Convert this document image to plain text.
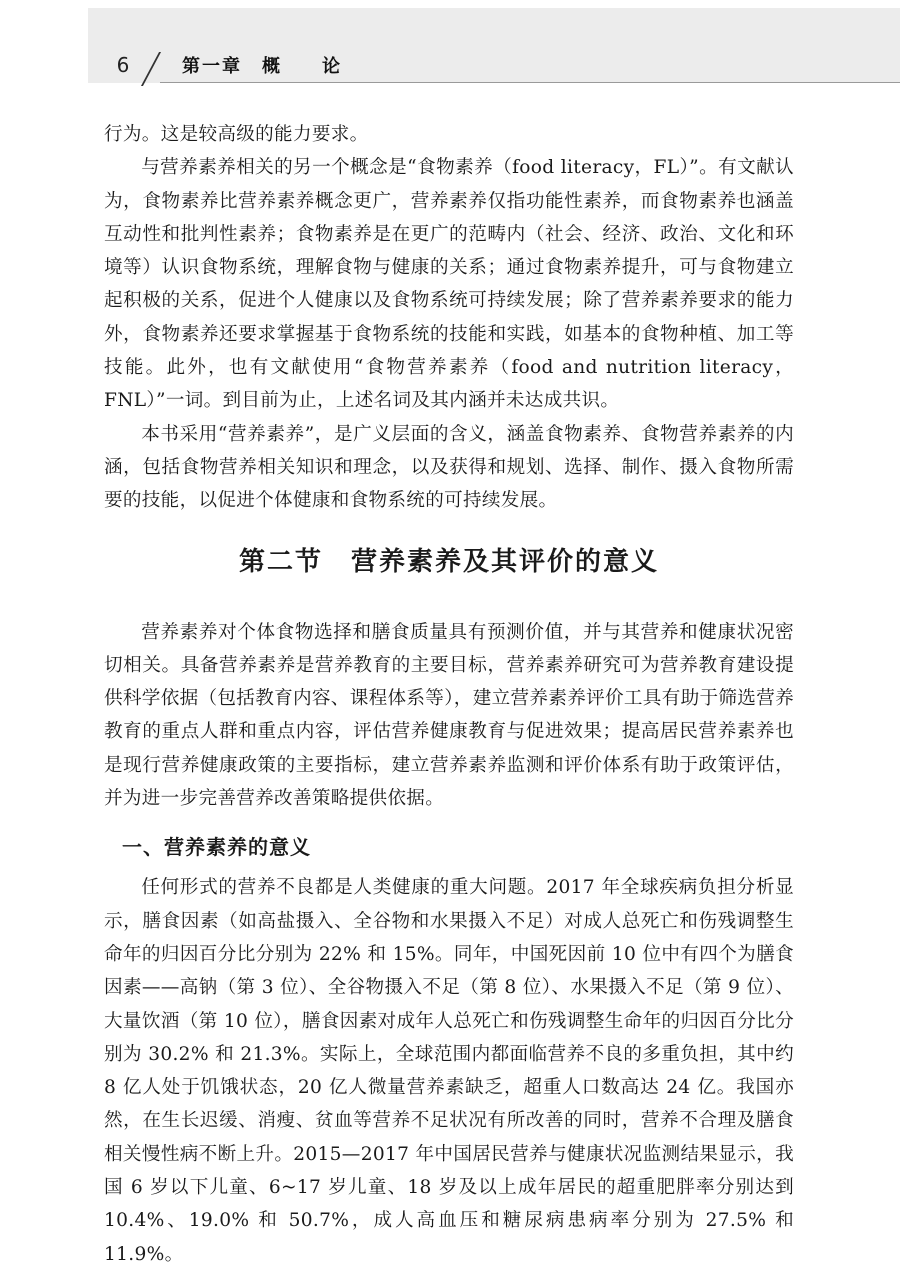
6	第一章　概　　论

行为。这是较高级的能力要求。

与营养素养相关的另一个概念是“食物素养（food literacy，FL）”。有文献认为，食物素养比营养素养概念更广，营养素养仅指功能性素养，而食物素养也涵盖互动性和批判性素养；食物素养是在更广的范畴内（社会、经济、政治、文化和环境等）认识食物系统，理解食物与健康的关系；通过食物素养提升，可与食物建立起积极的关系，促进个人健康以及食物系统可持续发展；除了营养素养要求的能力外，食物素养还要求掌握基于食物系统的技能和实践，如基本的食物种植、加工等技能。此外，也有文献使用“食物营养素养（food and nutrition literacy，FNL）”一词。到目前为止，上述名词及其内涵并未达成共识。

本书采用“营养素养”，是广义层面的含义，涵盖食物素养、食物营养素养的内涵，包括食物营养相关知识和理念，以及获得和规划、选择、制作、摄入食物所需要的技能，以促进个体健康和食物系统的可持续发展。

第二节　营养素养及其评价的意义

营养素养对个体食物选择和膳食质量具有预测价值，并与其营养和健康状况密切相关。具备营养素养是营养教育的主要目标，营养素养研究可为营养教育建设提供科学依据（包括教育内容、课程体系等），建立营养素养评价工具有助于筛选营养教育的重点人群和重点内容，评估营养健康教育与促进效果；提高居民营养素养也是现行营养健康政策的主要指标，建立营养素养监测和评价体系有助于政策评估，并为进一步完善营养改善策略提供依据。

一、营养素养的意义

任何形式的营养不良都是人类健康的重大问题。2017 年全球疾病负担分析显示，膳食因素（如高盐摄入、全谷物和水果摄入不足）对成人总死亡和伤残调整生命年的归因百分比分别为 22% 和 15%。同年，中国死因前 10 位中有四个为膳食因素——高钠（第 3 位）、全谷物摄入不足（第 8 位）、水果摄入不足（第 9 位）、大量饮酒（第 10 位），膳食因素对成年人总死亡和伤残调整生命年的归因百分比分别为 30.2% 和 21.3%。实际上，全球范围内都面临营养不良的多重负担，其中约 8 亿人处于饥饿状态，20 亿人微量营养素缺乏，超重人口数高达 24 亿。我国亦然，在生长迟缓、消瘦、贫血等营养不足状况有所改善的同时，营养不合理及膳食相关慢性病不断上升。2015—2017 年中国居民营养与健康状况监测结果显示，我国 6 岁以下儿童、6~17 岁儿童、18 岁及以上成年居民的超重肥胖率分别达到 10.4%、19.0% 和 50.7%，成人高血压和糖尿病患病率分别为 27.5% 和 11.9%。
